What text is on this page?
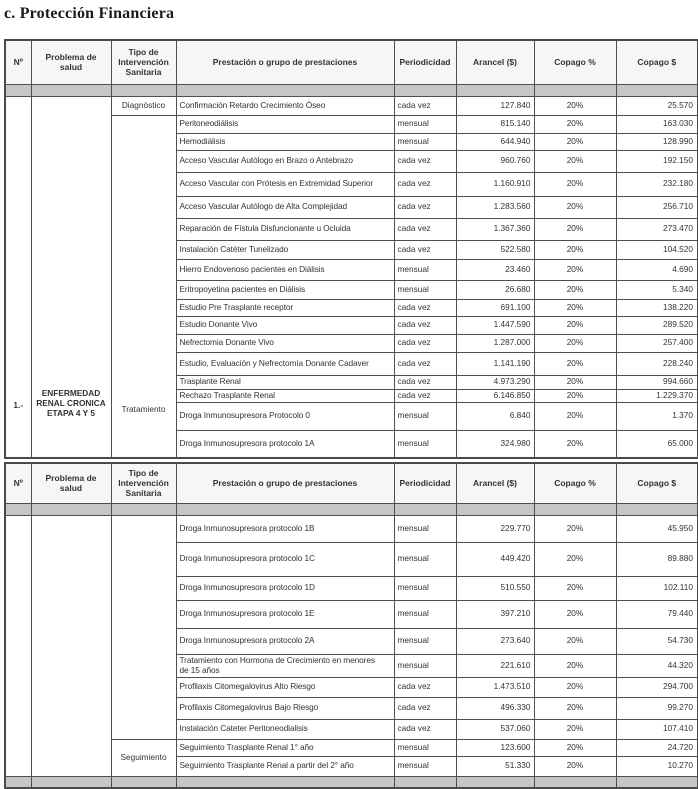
c. Protección Financiera
Nº	Problema de salud	Tipo de Intervención Sanitaria	Prestación o grupo de prestaciones	Periodicidad	Arancel ($)	Copago %	Copago $

1.-	ENFERMEDAD RENAL CRONICA ETAPA 4 Y 5	Diagnóstico	Confirmación Retardo Crecimiento Óseo	cada vez	127.840	20%	25.570
		Tratamiento	Peritoneodiálisis	mensual	815.140	20%	163.030
			Hemodiálisis	mensual	644.940	20%	128.990
			Acceso Vascular Autólogo en Brazo o Antebrazo	cada vez	960.760	20%	192.150
			Acceso Vascular con Prótesis en Extremidad Superior	cada vez	1.160.910	20%	232.180
			Acceso Vascular Autólogo de Alta Complejidad	cada vez	1.283.560	20%	256.710
			Reparación de Fístula Disfuncionante u Ocluida	cada vez	1.367.360	20%	273.470
			Instalación Catéter Tunelizado	cada vez	522.580	20%	104.520
			Hierro Endovenoso pacientes en Diálisis	mensual	23.460	20%	4.690
			Eritropoyetina pacientes en Diálisis	mensual	26.680	20%	5.340
			Estudio Pre Trasplante receptor	cada vez	691.100	20%	138.220
			Estudio Donante Vivo	cada vez	1.447.590	20%	289.520
			Nefrectomia Donante Vivo	cada vez	1.287.000	20%	257.400
			Estudio, Evaluación y Nefrectomía Donante Cadaver	cada vez	1.141.190	20%	228.240
			Trasplante Renal	cada vez	4.973.290	20%	994.660
			Rechazo Trasplante Renal	cada vez	6.146.850	20%	1.229.370
			Droga Inmunosupresora Protocolo 0	mensual	6.840	20%	1.370
			Droga Inmunosupresora protocolo 1A	mensual	324.980	20%	65.000
Nº	Problema de salud	Tipo de Intervención Sanitaria	Prestación o grupo de prestaciones	Periodicidad	Arancel ($)	Copago %	Copago $

			Droga Inmunosupresora protocolo 1B	mensual	229.770	20%	45.950
			Droga Inmunosupresora protocolo 1C	mensual	449.420	20%	89.880
			Droga Inmunosupresora protocolo 1D	mensual	510.550	20%	102.110
			Droga Inmunosupresora protocolo 1E	mensual	397.210	20%	79.440
			Droga Inmunosupresora protocolo 2A	mensual	273.640	20%	54.730
			Tratamiento con Hormona de Crecimiento en menores de 15 años	mensual	221.610	20%	44.320
			Profilaxis Citomegalovirus Alto Riesgo	cada vez	1.473.510	20%	294.700
			Profilaxis Citomegalovirus Bajo Riesgo	cada vez	496.330	20%	99.270
			Instalación Cateter Peritoneodialisis	cada vez	537.060	20%	107.410
		Seguimiento	Seguimiento Trasplante Renal 1° año	mensual	123.600	20%	24.720
			Seguimiento Trasplante Renal a partir del 2° año	mensual	51.330	20%	10.270
